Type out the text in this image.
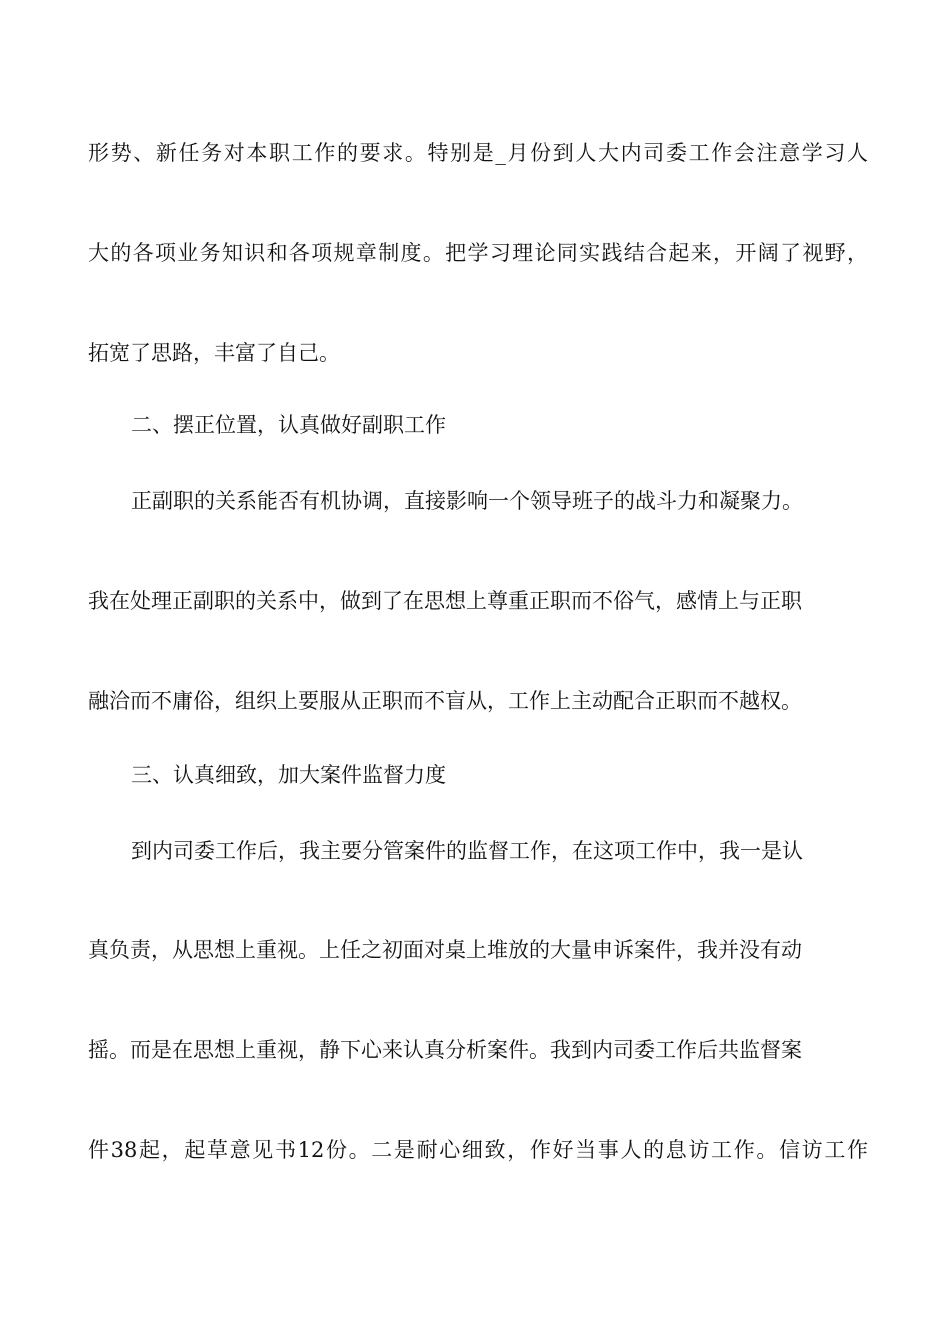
形势、新任务对本职工作的要求。特别是_月份到人大内司委工作会注意学习人
大的各项业务知识和各项规章制度。把学习理论同实践结合起来，开阔了视野，
拓宽了思路，丰富了自己。
二、摆正位置，认真做好副职工作
正副职的关系能否有机协调，直接影响一个领导班子的战斗力和凝聚力。
我在处理正副职的关系中，做到了在思想上尊重正职而不俗气，感情上与正职
融洽而不庸俗，组织上要服从正职而不盲从，工作上主动配合正职而不越权。
三、认真细致，加大案件监督力度
到内司委工作后，我主要分管案件的监督工作，在这项工作中，我一是认
真负责，从思想上重视。上任之初面对桌上堆放的大量申诉案件，我并没有动
摇。而是在思想上重视，静下心来认真分析案件。我到内司委工作后共监督案
件38起，起草意见书12份。二是耐心细致，作好当事人的息访工作。信访工作
